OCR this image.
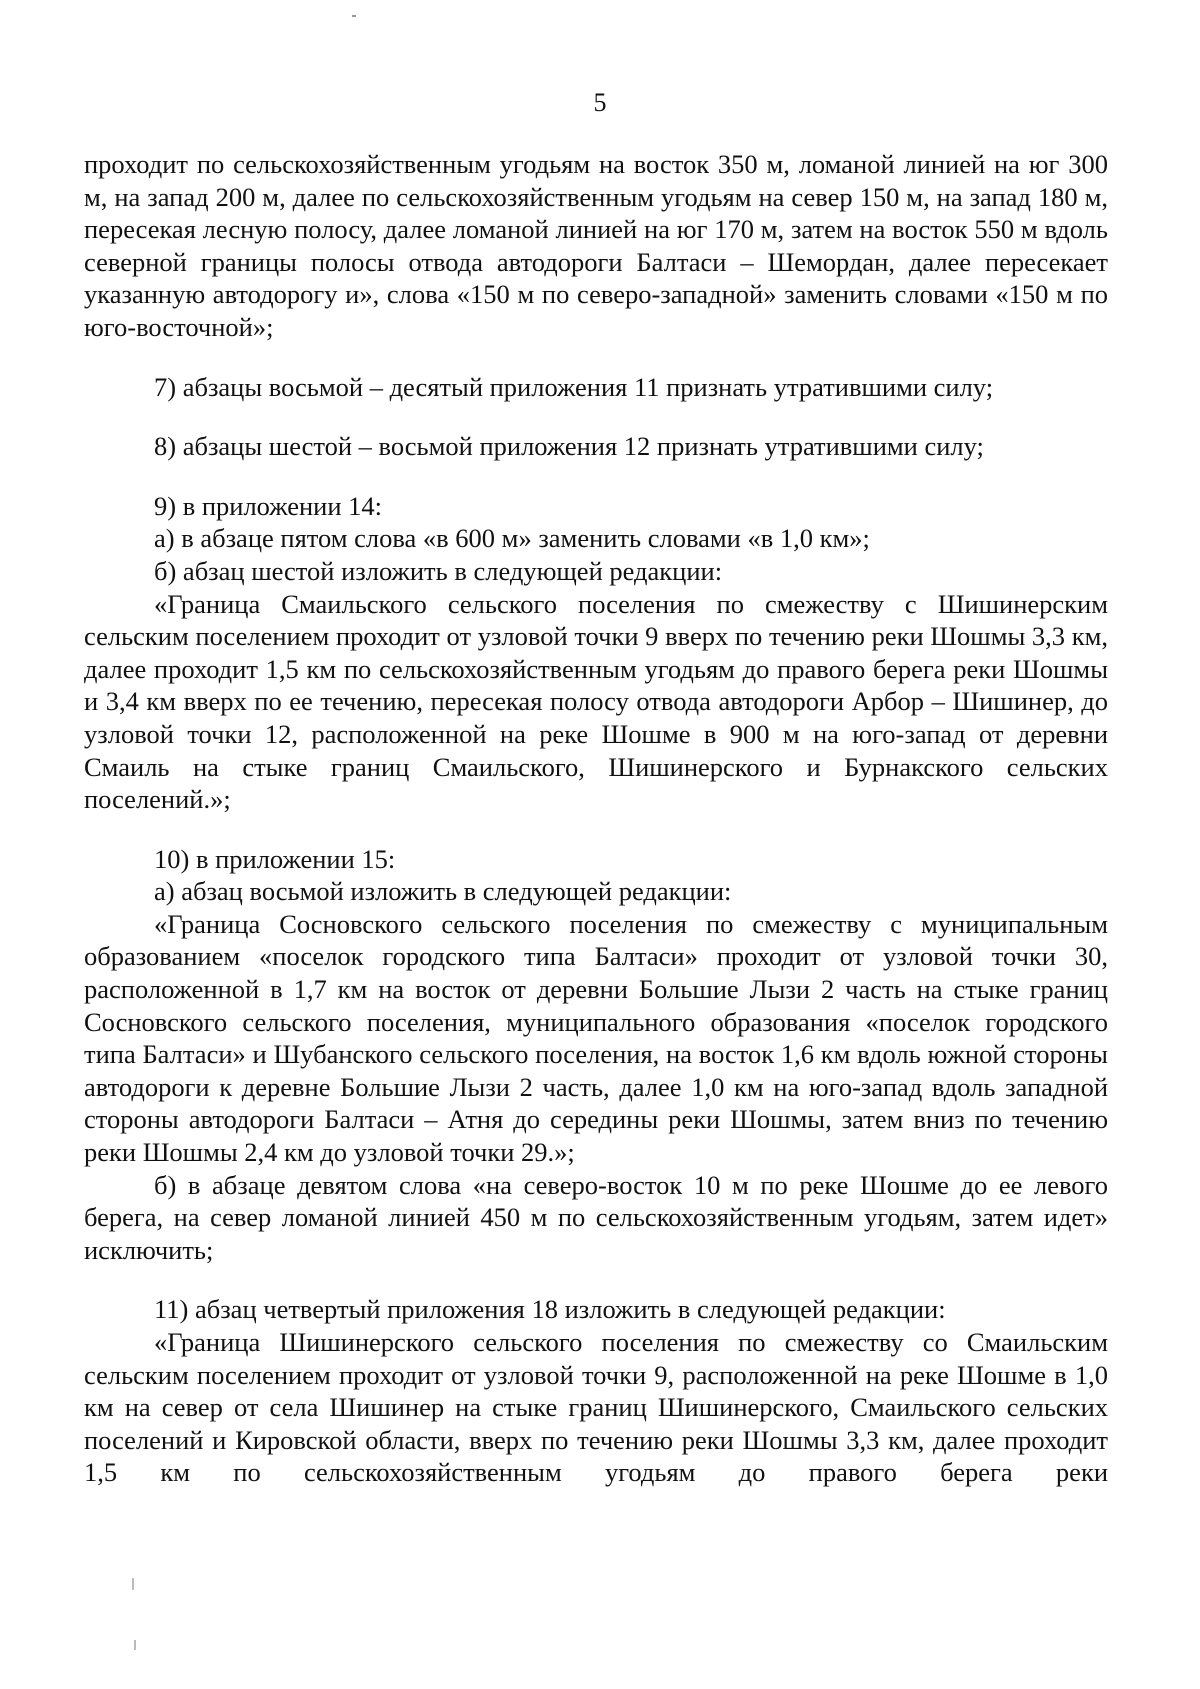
5

проходит по сельскохозяйственным угодьям на восток 350 м, ломаной линией на юг 300 м, на запад 200 м, далее по сельскохозяйственным угодьям на север 150 м, на запад 180 м, пересекая лесную полосу, далее ломаной линией на юг 170 м, затем на восток 550 м вдоль северной границы полосы отвода автодороги Балтаси – Шемордан, далее пересекает указанную автодорогу и», слова «150 м по северо-западной» заменить словами «150 м по юго-восточной»;

7) абзацы восьмой – десятый приложения 11 признать утратившими силу;

8) абзацы шестой – восьмой приложения 12 признать утратившими силу;

9) в приложении 14:

а) в абзаце пятом слова «в 600 м» заменить словами «в 1,0 км»;

б) абзац шестой изложить в следующей редакции:

«Граница Смаильского сельского поселения по смежеству с Шишинерским сельским поселением проходит от узловой точки 9 вверх по течению реки Шошмы 3,3 км, далее проходит 1,5 км по сельскохозяйственным угодьям до правого берега реки Шошмы и 3,4 км вверх по ее течению, пересекая полосу отвода автодороги Арбор – Шишинер, до узловой точки 12, расположенной на реке Шошме в 900 м на юго-запад от деревни Смаиль на стыке границ Смаильского, Шишинерского и Бурнакского сельских поселений.»;

10) в приложении 15:

а) абзац восьмой изложить в следующей редакции:

«Граница Сосновского сельского поселения по смежеству с муниципальным образованием «поселок городского типа Балтаси» проходит от узловой точки 30, расположенной в 1,7 км на восток от деревни Большие Лызи 2 часть на стыке границ Сосновского сельского поселения, муниципального образования «поселок городского типа Балтаси» и Шубанского сельского поселения, на восток 1,6 км вдоль южной стороны автодороги к деревне Большие Лызи 2 часть, далее 1,0 км на юго-запад вдоль западной стороны автодороги Балтаси – Атня до середины реки Шошмы, затем вниз по течению реки Шошмы 2,4 км до узловой точки 29.»;

б) в абзаце девятом слова «на северо-восток 10 м по реке Шошме до ее левого берега, на север ломаной линией 450 м по сельскохозяйственным угодьям, затем идет» исключить;

11) абзац четвертый приложения 18 изложить в следующей редакции:

«Граница Шишинерского сельского поселения по смежеству со Смаильским сельским поселением проходит от узловой точки 9, расположенной на реке Шошме в 1,0 км на север от села Шишинер на стыке границ Шишинерского, Смаильского сельских поселений и Кировской области, вверх по течению реки Шошмы 3,3 км, далее проходит 1,5 км по сельскохозяйственным угодьям до правого берега реки
